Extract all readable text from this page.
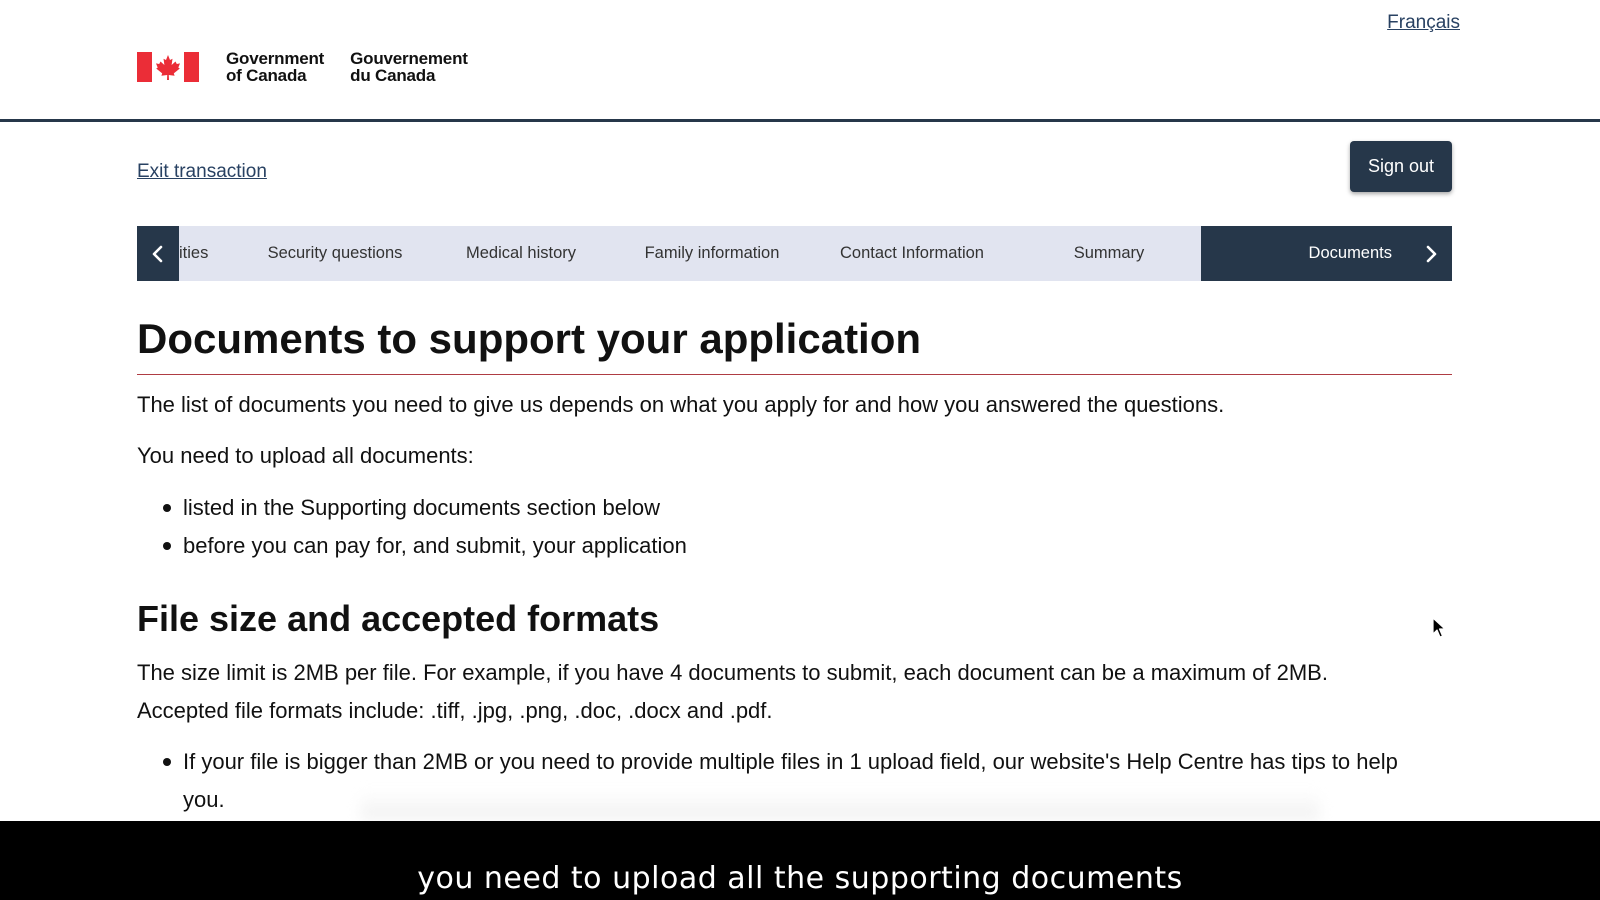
Français
Government
of Canada
Gouvernement
du Canada
Exit transaction	Sign out
ities	Security questions	Medical history	Family information	Contact Information	Summary	Documents
Documents to support your application

The list of documents you need to give us depends on what you apply for and how you answered the questions.

You need to upload all documents:

listed in the Supporting documents section below
before you can pay for, and submit, your application
File size and accepted formats

The size limit is 2MB per file. For example, if you have 4 documents to submit, each document can be a maximum of 2MB.

Accepted file formats include: .tiff, .jpg, .png, .doc, .docx and .pdf.

If your file is bigger than 2MB or you need to provide multiple files in 1 upload field, our website's Help Centre has tips to help you.
you need to upload all the supporting documents
